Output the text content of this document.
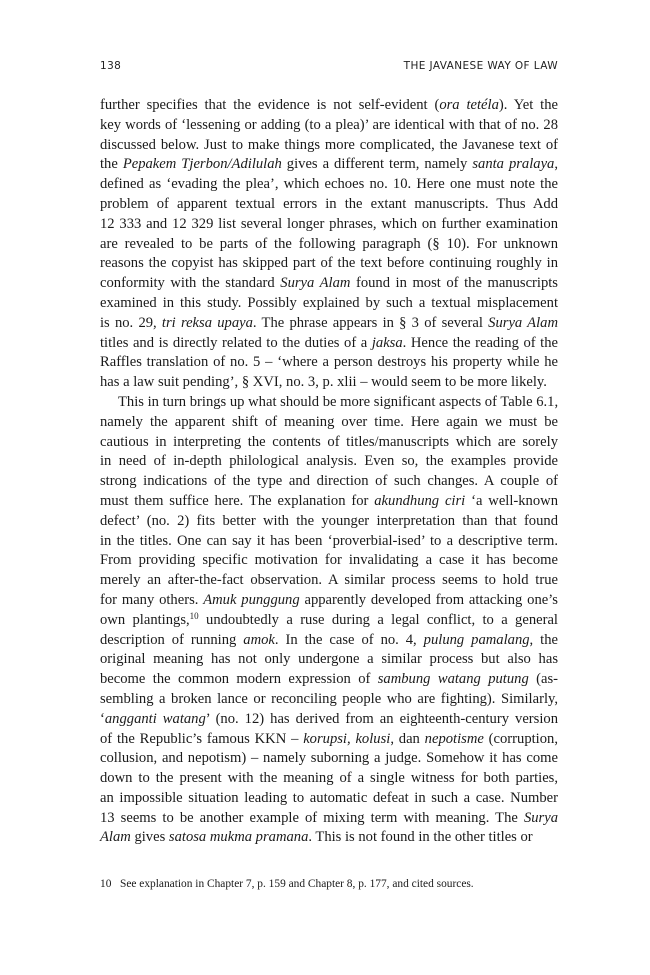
138	THE JAVANESE WAY OF LAW
further specifies that the evidence is not self-evident (ora tetéla). Yet the
key words of ‘lessening or adding (to a plea)’ are identical with that of no. 28
discussed below. Just to make things more complicated, the Javanese text of
the Pepakem Tjerbon/Adilulah gives a different term, namely santa pralaya,
defined as ‘evading the plea’, which echoes no. 10. Here one must note the
problem of apparent textual errors in the extant manuscripts. Thus Add
12 333 and 12 329 list several longer phrases, which on further examination
are revealed to be parts of the following paragraph (§ 10). For unknown
reasons the copyist has skipped part of the text before continuing roughly in
conformity with the standard Surya Alam found in most of the manuscripts
examined in this study. Possibly explained by such a textual misplacement
is no. 29, tri reksa upaya. The phrase appears in § 3 of several Surya Alam
titles and is directly related to the duties of a jaksa. Hence the reading of the
Raffles translation of no. 5 – ‘where a person destroys his property while he
has a law suit pending’, § XVI, no. 3, p. xlii – would seem to be more likely.
This in turn brings up what should be more significant aspects of Table 6.1,
namely the apparent shift of meaning over time. Here again we must be
cautious in interpreting the contents of titles/manuscripts which are sorely
in need of in-depth philological analysis. Even so, the examples provide
strong indications of the type and direction of such changes. A couple of
must them suffice here. The explanation for akundhung ciri ‘a well-known
defect’ (no. 2) fits better with the younger interpretation than that found
in the titles. One can say it has been ‘proverbial-ised’ to a descriptive term.
From providing specific motivation for invalidating a case it has become
merely an after-the-fact observation. A similar process seems to hold true
for many others. Amuk punggung apparently developed from attacking one’s
own plantings,$^{10}$ undoubtedly a ruse during a legal conflict, to a general
description of running amok. In the case of no. 4, pulung pamalang, the
original meaning has not only undergone a similar process but also has
become the common modern expression of sambung watang putung (as-
sembling a broken lance or reconciling people who are fighting). Similarly,
‘angganti watang’ (no. 12) has derived from an eighteenth-century version
of the Republic’s famous KKN – korupsi, kolusi, dan nepotisme (corruption,
collusion, and nepotism) – namely suborning a judge. Somehow it has come
down to the present with the meaning of a single witness for both parties,
an impossible situation leading to automatic defeat in such a case. Number
13 seems to be another example of mixing term with meaning. The Surya
Alam gives satosa mukma pramana. This is not found in the other titles or
10 See explanation in Chapter 7, p. 159 and Chapter 8, p. 177, and cited sources.
